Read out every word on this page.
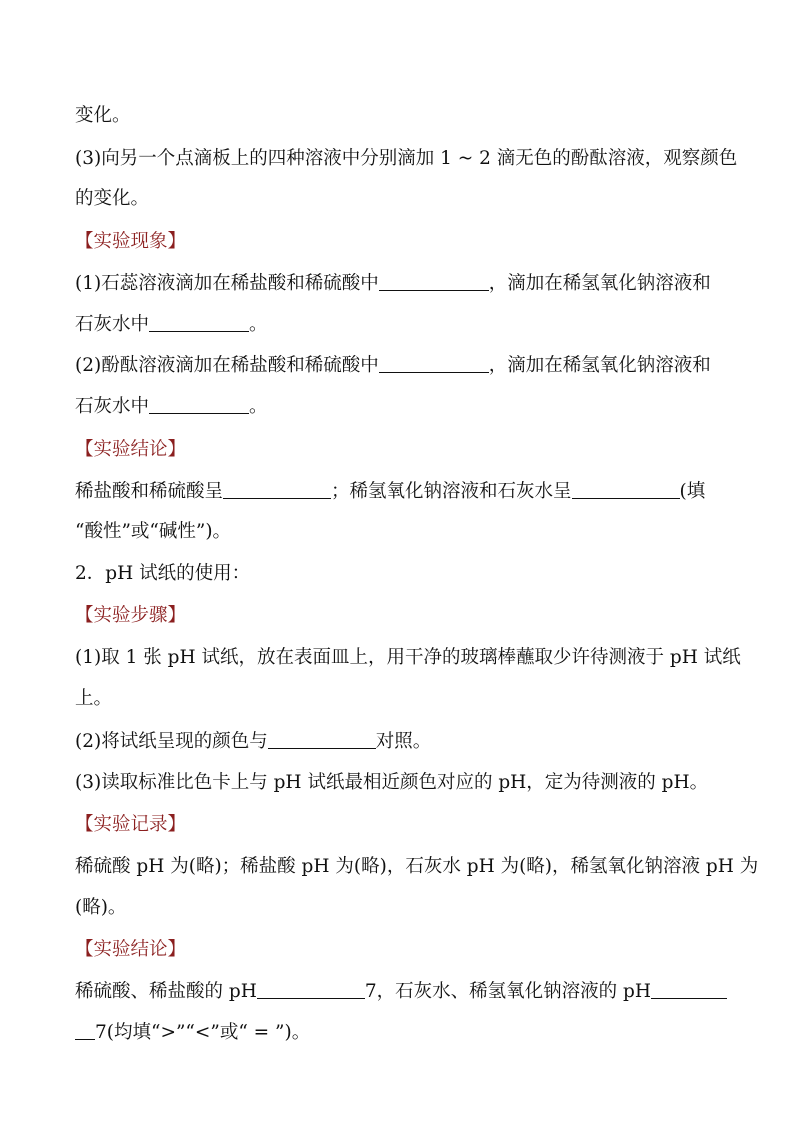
变化。
(3)向另一个点滴板上的四种溶液中分别滴加 1 ~ 2 滴无色的酚酞溶液，观察颜色
的变化。
【实验现象】
(1)石蕊溶液滴加在稀盐酸和稀硫酸中	，滴加在稀氢氧化钠溶液和
石灰水中	。
(2)酚酞溶液滴加在稀盐酸和稀硫酸中	，滴加在稀氢氧化钠溶液和
石灰水中	。
【实验结论】
稀盐酸和稀硫酸呈	；稀氢氧化钠溶液和石灰水呈	(填
“酸性”或“碱性”)。
2．pH 试纸的使用：
【实验步骤】
(1)取 1 张 pH 试纸，放在表面皿上，用干净的玻璃棒蘸取少许待测液于 pH 试纸
上。
(2)将试纸呈现的颜色与	对照。
(3)读取标准比色卡上与 pH 试纸最相近颜色对应的 pH，定为待测液的 pH。
【实验记录】
稀硫酸 pH 为(略)；稀盐酸 pH 为(略)，石灰水 pH 为(略)，稀氢氧化钠溶液 pH 为
(略)。
【实验结论】
稀硫酸、稀盐酸的 pH	7，石灰水、稀氢氧化钠溶液的 pH
7(均填“>”“<”或“ = ”)。
